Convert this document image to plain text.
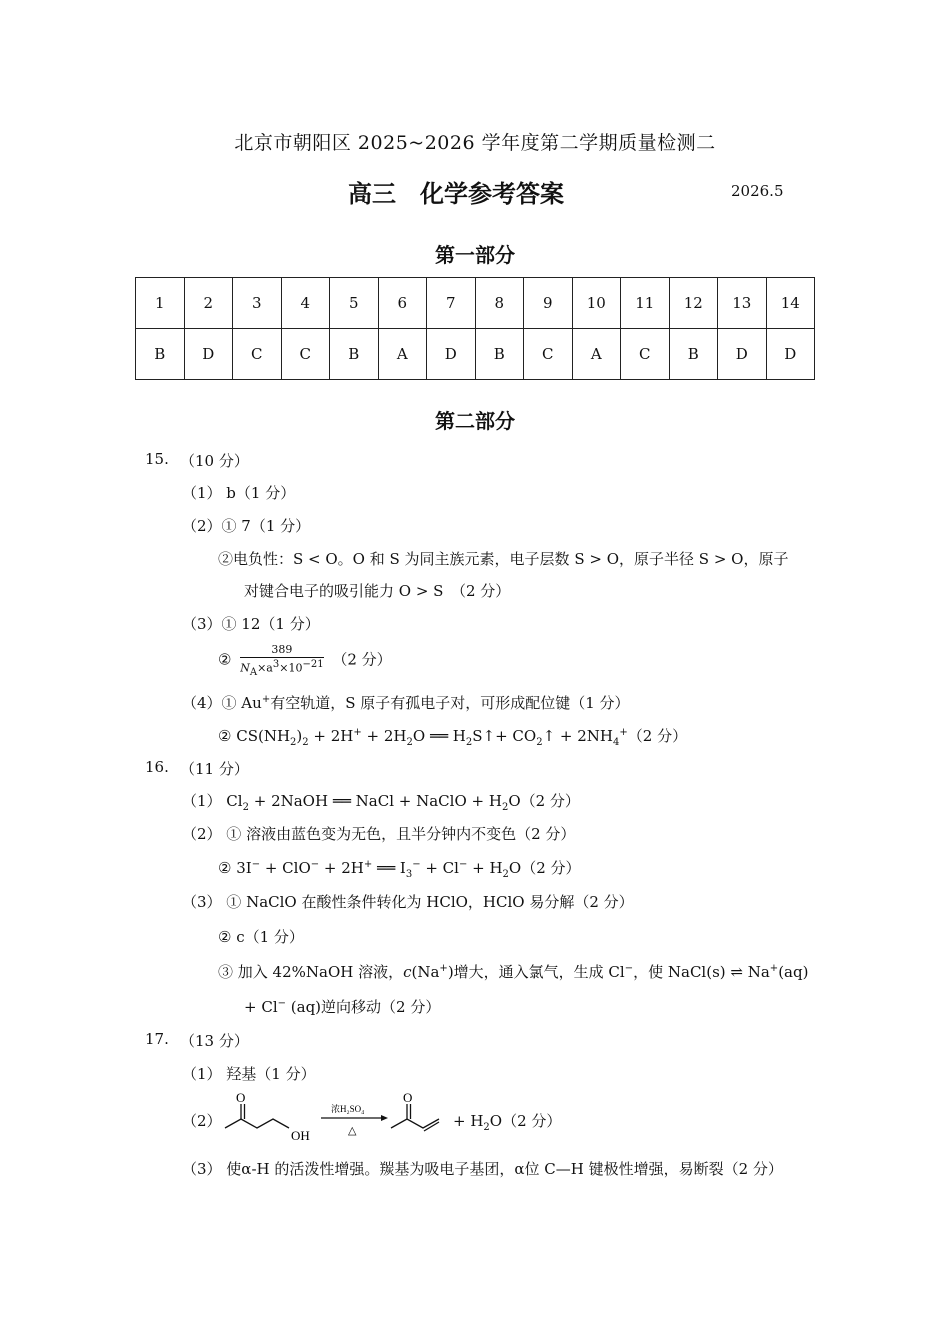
北京市朝阳区 2025~2026 学年度第二学期质量检测二
高三　化学参考答案	2026.5
第一部分
1	2	3	4	5	6	7	8	9	10	11	12	13	14
B	D	C	C	B	A	D	B	C	A	C	B	D	D
第二部分
15. （10 分）
（1） b（1 分）
（2）① 7（1 分）
②电负性：S < O。O 和 S 为同主族元素，电子层数 S > O，原子半径 S > O，原子
对键合电子的吸引能力 O > S　（2 分）
（3）① 12（1 分）
② $\frac{389}{N_A\times a^3\times 10^{-21}} (2$ 分）
（4）① Au+有空轨道，S 原子有孤电子对，可形成配位键（1 分）
② $CS(NH_2)_2 + 2H^+ + 2H_2O$ ══ $H_2S↑+$ $CO_2↑ + 2NH_4^+(2$ 分）
16. （11 分）
（1） $Cl_2$ + 2NaOH ══ NaCl + NaClO + $H_2O(2$ 分）
（2） ① 溶液由蓝色变为无色，且半分钟内不变色（2 分）
② 3I− + ClO− + 2H+ ══ $I_3^- + Cl^- + H_2O(2$ 分）
（3） ① NaClO 在酸性条件转化为 HClO，HClO 易分解（2 分）
② c（1 分）
③ 加入 42%NaOH 溶液，c(Na+)增大，通入氯气，生成 Cl−，使 NaCl(s) ⇌ Na+(aq)
+ Cl− (aq)逆向移动（2 分）
17. （13 分）
（1） 羟基（1 分）
（2）
O
OH
浓H₂SO₄
△
O
+ $H_2O(2$ 分）
（3） 使α-H 的活泼性增强。羰基为吸电子基团，α位 C—H 键极性增强，易断裂（2 分）
